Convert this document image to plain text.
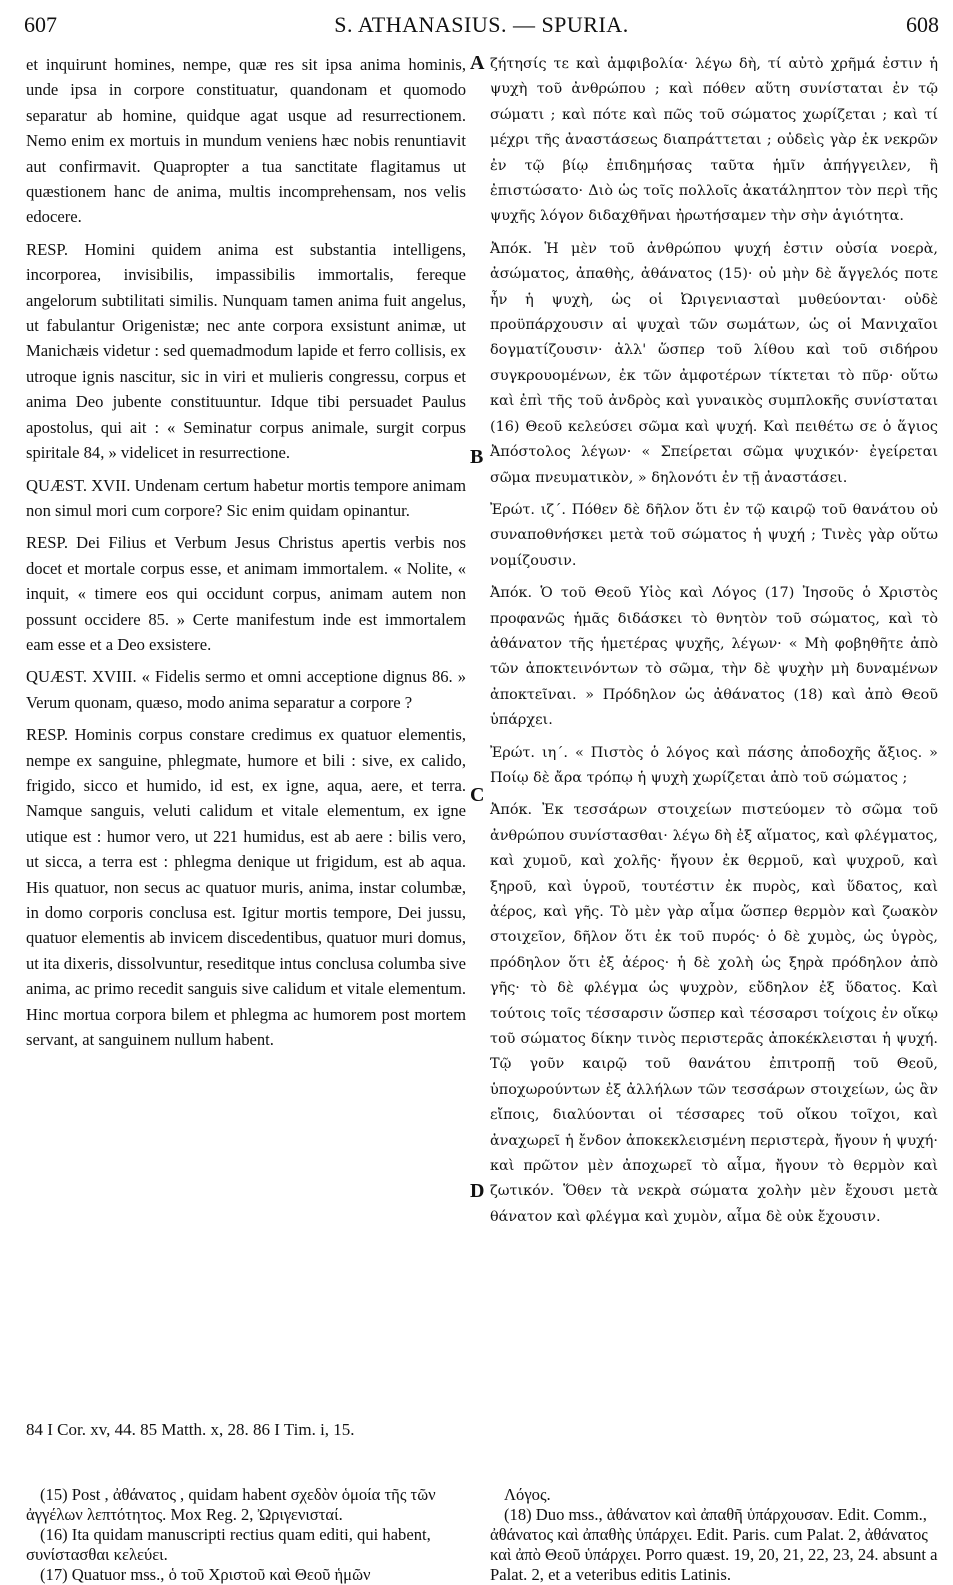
607	S. ATHANASIUS. — SPURIA.	608

et inquirunt homines, nempe, quæ res sit ipsa anima hominis, unde ipsa in corpore constituatur, quandonam et quomodo separatur ab homine, quidque agat usque ad resurrectionem. Nemo enim ex mortuis in mundum veniens hæc nobis renuntiavit aut confirmavit. Quapropter a tua sanctitate flagitamus ut quæstionem hanc de anima, multis incomprehensam, nos velis edocere.

RESP. Homini quidem anima est substantia intelligens, incorporea, invisibilis, impassibilis immortalis, fereque angelorum subtilitati similis. Nunquam tamen anima fuit angelus, ut fabulantur Origenistæ; nec ante corpora exsistunt animæ, ut Manichæis videtur : sed quemadmodum lapide et ferro collisis, ex utroque ignis nascitur, sic in viri et mulieris congressu, corpus et anima Deo jubente constituuntur. Idque tibi persuadet Paulus apostolus, qui ait : « Seminatur corpus animale, surgit corpus spiritale 84, » videlicet in resurrectione.

QUÆST. XVII. Undenam certum habetur mortis tempore animam non simul mori cum corpore? Sic enim quidam opinantur.

RESP. Dei Filius et Verbum Jesus Christus apertis verbis nos docet et mortale corpus esse, et animam immortalem. « Nolite, « inquit, « timere eos qui occidunt corpus, animam autem non possunt occidere 85. » Certe manifestum inde est immortalem eam esse et a Deo exsistere.

QUÆST. XVIII. « Fidelis sermo et omni acceptione dignus 86. » Verum quonam, quæso, modo anima separatur a corpore ?

RESP. Hominis corpus constare credimus ex quatuor elementis, nempe ex sanguine, phlegmate, humore et bili : sive, ex calido, frigido, sicco et humido, id est, ex igne, aqua, aere, et terra. Namque sanguis, veluti calidum et vitale elementum, ex igne utique est : humor vero, ut 221 humidus, est ab aere : bilis vero, ut sicca, a terra est : phlegma denique ut frigidum, est ab aqua. His quatuor, non secus ac quatuor muris, anima, instar columbæ, in domo corporis conclusa est. Igitur mortis tempore, Dei jussu, quatuor elementis ab invicem discedentibus, quatuor muri domus, ut ita dixeris, dissolvuntur, reseditque intus conclusa columba sive anima, ac primo recedit sanguis sive calidum et vitale elementum. Hinc mortua corpora bilem et phlegma ac humorem post mortem servant, at sanguinem nullum habent.

A
B
C
D

ζήτησίς τε καὶ ἀμφιβολία· λέγω δὴ, τί αὐτὸ χρῆμά ἐστιν ἡ ψυχὴ τοῦ ἀνθρώπου ; καὶ πόθεν αὕτη συνίσταται ἐν τῷ σώματι ; καὶ πότε καὶ πῶς τοῦ σώματος χωρίζεται ; καὶ τί μέχρι τῆς ἀναστάσεως διαπράττεται ; οὐδεὶς γὰρ ἐκ νεκρῶν ἐν τῷ βίῳ ἐπιδημήσας ταῦτα ἡμῖν ἀπήγγειλεν, ἢ ἐπιστώσατο· Διὸ ὡς τοῖς πολλοῖς ἀκατάληπτον τὸν περὶ τῆς ψυχῆς λόγον διδαχθῆναι ἠρωτήσαμεν τὴν σὴν ἁγιότητα.

Ἀπόκ. Ἡ μὲν τοῦ ἀνθρώπου ψυχή ἐστιν οὐσία νοερὰ, ἀσώματος, ἀπαθὴς, ἀθάνατος (15)· οὐ μὴν δὲ ἄγγελός ποτε ἦν ἡ ψυχὴ, ὡς οἱ Ὠριγενιασταὶ μυθεύονται· οὐδὲ προϋπάρχουσιν αἱ ψυχαὶ τῶν σωμάτων, ὡς οἱ Μανιχαῖοι δογματίζουσιν· ἀλλ' ὥσπερ τοῦ λίθου καὶ τοῦ σιδήρου συγκρουομένων, ἐκ τῶν ἀμφοτέρων τίκτεται τὸ πῦρ· οὕτω καὶ ἐπὶ τῆς τοῦ ἀνδρὸς καὶ γυναικὸς συμπλοκῆς συνίσταται (16) Θεοῦ κελεύσει σῶμα καὶ ψυχή. Καὶ πειθέτω σε ὁ ἅγιος Ἀπόστολος λέγων· « Σπείρεται σῶμα ψυχικόν· ἐγείρεται σῶμα πνευματικὸν, » δηλονότι ἐν τῇ ἀναστάσει.

Ἐρώτ. ιζ΄. Πόθεν δὲ δῆλον ὅτι ἐν τῷ καιρῷ τοῦ θανάτου οὐ συναποθνήσκει μετὰ τοῦ σώματος ἡ ψυχή ; Τινὲς γὰρ οὕτω νομίζουσιν.

Ἀπόκ. Ὁ τοῦ Θεοῦ Υἱὸς καὶ Λόγος (17) Ἰησοῦς ὁ Χριστὸς προφανῶς ἡμᾶς διδάσκει τὸ θνητὸν τοῦ σώματος, καὶ τὸ ἀθάνατον τῆς ἡμετέρας ψυχῆς, λέγων· « Μὴ φοβηθῆτε ἀπὸ τῶν ἀποκτεινόντων τὸ σῶμα, τὴν δὲ ψυχὴν μὴ δυναμένων ἀποκτεῖναι. » Πρόδηλον ὡς ἀθάνατος (18) καὶ ἀπὸ Θεοῦ ὑπάρχει.

Ἐρώτ. ιη΄. « Πιστὸς ὁ λόγος καὶ πάσης ἀποδοχῆς ἄξιος. » Ποίῳ δὲ ἄρα τρόπῳ ἡ ψυχὴ χωρίζεται ἀπὸ τοῦ σώματος ;

Ἀπόκ. Ἐκ τεσσάρων στοιχείων πιστεύομεν τὸ σῶμα τοῦ ἀνθρώπου συνίστασθαι· λέγω δὴ ἐξ αἵματος, καὶ φλέγματος, καὶ χυμοῦ, καὶ χολῆς· ἤγουν ἐκ θερμοῦ, καὶ ψυχροῦ, καὶ ξηροῦ, καὶ ὑγροῦ, τουτέστιν ἐκ πυρὸς, καὶ ὕδατος, καὶ ἀέρος, καὶ γῆς. Τὸ μὲν γὰρ αἷμα ὥσπερ θερμὸν καὶ ζωακὸν στοιχεῖον, δῆλον ὅτι ἐκ τοῦ πυρός· ὁ δὲ χυμὸς, ὡς ὑγρὸς, πρόδηλον ὅτι ἐξ ἀέρος· ἡ δὲ χολὴ ὡς ξηρὰ πρόδηλον ἀπὸ γῆς· τὸ δὲ φλέγμα ὡς ψυχρὸν, εὔδηλον ἐξ ὕδατος. Καὶ τούτοις τοῖς τέσσαρσιν ὥσπερ καὶ τέσσαρσι τοίχοις ἐν οἴκῳ τοῦ σώματος δίκην τινὸς περιστερᾶς ἀποκέκλεισται ἡ ψυχή. Τῷ γοῦν καιρῷ τοῦ θανάτου ἐπιτροπῇ τοῦ Θεοῦ, ὑποχωρούντων ἐξ ἀλλήλων τῶν τεσσάρων στοιχείων, ὡς ἂν εἴποις, διαλύονται οἱ τέσσαρες τοῦ οἴκου τοῖχοι, καὶ ἀναχωρεῖ ἡ ἔνδον ἀποκεκλεισμένη περιστερὰ, ἤγουν ἡ ψυχή· καὶ πρῶτον μὲν ἀποχωρεῖ τὸ αἷμα, ἤγουν τὸ θερμὸν καὶ ζωτικόν. Ὅθεν τὰ νεκρὰ σώματα χολὴν μὲν ἔχουσι μετὰ θάνατον καὶ φλέγμα καὶ χυμὸν, αἷμα δὲ οὐκ ἔχουσιν.

84 I Cor. xv, 44. 85 Matth. x, 28. 86 I Tim. i, 15.

(15) Post , ἀθάνατος , quidam habent σχεδὸν ὁμοία τῆς τῶν ἀγγέλων λεπτότητος. Mox Reg. 2, Ὠριγενισταί.

(16) Ita quidam manuscripti rectius quam editi, qui habent, συνίστασθαι κελεύει.

(17) Quatuor mss., ὁ τοῦ Χριστοῦ καὶ Θεοῦ ἡμῶν

Λόγος.

(18) Duo mss., ἀθάνατον καὶ ἀπαθῆ ὑπάρχουσαν. Edit. Comm., ἀθάνατος καὶ ἀπαθὴς ὑπάρχει. Edit. Paris. cum Palat. 2, ἀθάνατος καὶ ἀπὸ Θεοῦ ὑπάρχει. Porro quæst. 19, 20, 21, 22, 23, 24. absunt a Palat. 2, et a veteribus editis Latinis.
